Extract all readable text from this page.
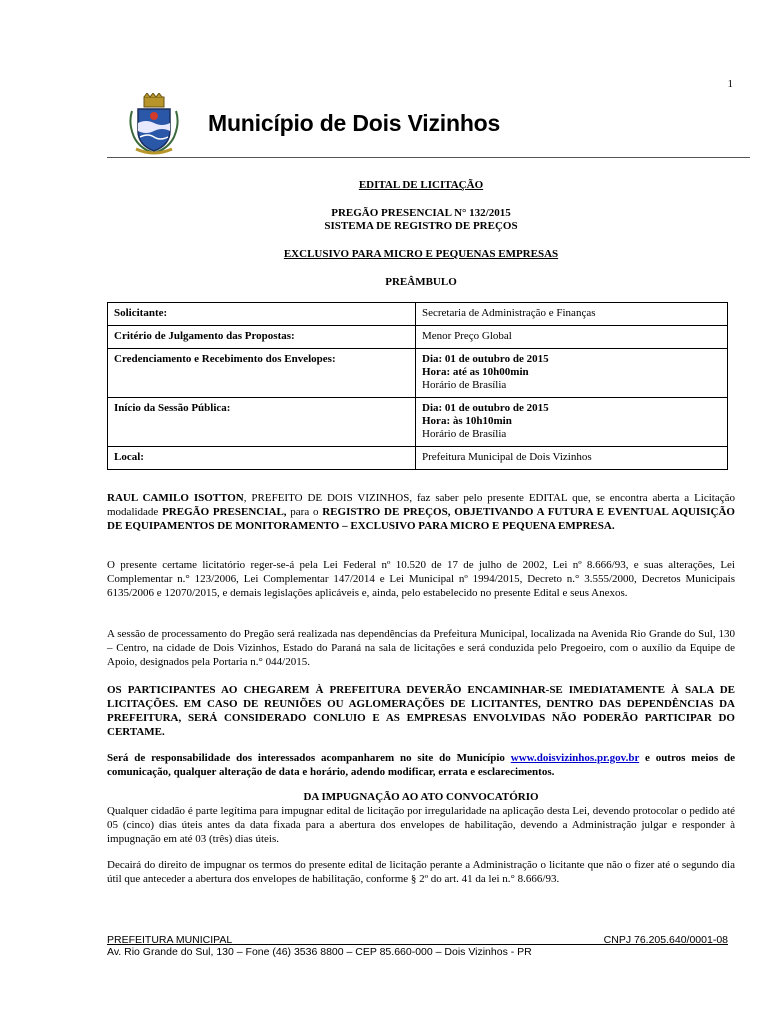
1
Município de Dois Vizinhos
EDITAL DE LICITAÇÃO
PREGÃO PRESENCIAL N° 132/2015
SISTEMA DE REGISTRO DE PREÇOS
EXCLUSIVO PARA MICRO E PEQUENAS EMPRESAS
PREÂMBULO
Solicitante:	Secretaria de Administração e Finanças

Critério de Julgamento das Propostas:	Menor Preço Global

Credenciamento e Recebimento dos Envelopes:	Dia: 01 de outubro de 2015
Hora: até as 10h00min
Horário de Brasília

Início da Sessão Pública:	Dia: 01 de outubro de 2015
Hora: às 10h10min
Horário de Brasília

Local:	Prefeitura Municipal de Dois Vizinhos
RAUL CAMILO ISOTTON, PREFEITO DE DOIS VIZINHOS, faz saber pelo presente EDITAL que, se encontra aberta a Licitação modalidade PREGÃO PRESENCIAL, para o REGISTRO DE PREÇOS, OBJETIVANDO A FUTURA E EVENTUAL AQUISIÇÃO DE EQUIPAMENTOS DE MONITORAMENTO – EXCLUSIVO PARA MICRO E PEQUENA EMPRESA.
O presente certame licitatório reger-se-á pela Lei Federal nº 10.520 de 17 de julho de 2002, Lei nº 8.666/93, e suas alterações, Lei Complementar n.° 123/2006, Lei Complementar 147/2014 e Lei Municipal nº 1994/2015, Decreto n.° 3.555/2000, Decretos Municipais 6135/2006 e 12070/2015, e demais legislações aplicáveis e, ainda, pelo estabelecido no presente Edital e seus Anexos.
A sessão de processamento do Pregão será realizada nas dependências da Prefeitura Municipal, localizada na Avenida Rio Grande do Sul, 130 – Centro, na cidade de Dois Vizinhos, Estado do Paraná na sala de licitações e será conduzida pelo Pregoeiro, com o auxílio da Equipe de Apoio, designados pela Portaria n.° 044/2015.
OS PARTICIPANTES AO CHEGAREM À PREFEITURA DEVERÃO ENCAMINHAR-SE IMEDIATAMENTE À SALA DE LICITAÇÕES. EM CASO DE REUNIÕES OU AGLOMERAÇÕES DE LICITANTES, DENTRO DAS DEPENDÊNCIAS DA PREFEITURA, SERÁ CONSIDERADO CONLUIO E AS EMPRESAS ENVOLVIDAS NÃO PODERÃO PARTICIPAR DO CERTAME.
Será de responsabilidade dos interessados acompanharem no site do Município www.doisvizinhos.pr.gov.br e outros meios de comunicação, qualquer alteração de data e horário, adendo modificar, errata e esclarecimentos.
DA IMPUGNAÇÃO AO ATO CONVOCATÓRIO
Qualquer cidadão é parte legítima para impugnar edital de licitação por irregularidade na aplicação desta Lei, devendo protocolar o pedido até 05 (cinco) dias úteis antes da data fixada para a abertura dos envelopes de habilitação, devendo a Administração julgar e responder à impugnação em até 03 (três) dias úteis.
Decairá do direito de impugnar os termos do presente edital de licitação perante a Administração o licitante que não o fizer até o segundo dia útil que anteceder a abertura dos envelopes de habilitação, conforme § 2º do art. 41 da lei n.° 8.666/93.
PREFEITURA MUNICIPAL
Av. Rio Grande do Sul, 130 – Fone (46) 3536 8800 – CEP 85.660-000 – Dois Vizinhos - PR
CNPJ 76.205.640/0001-08
